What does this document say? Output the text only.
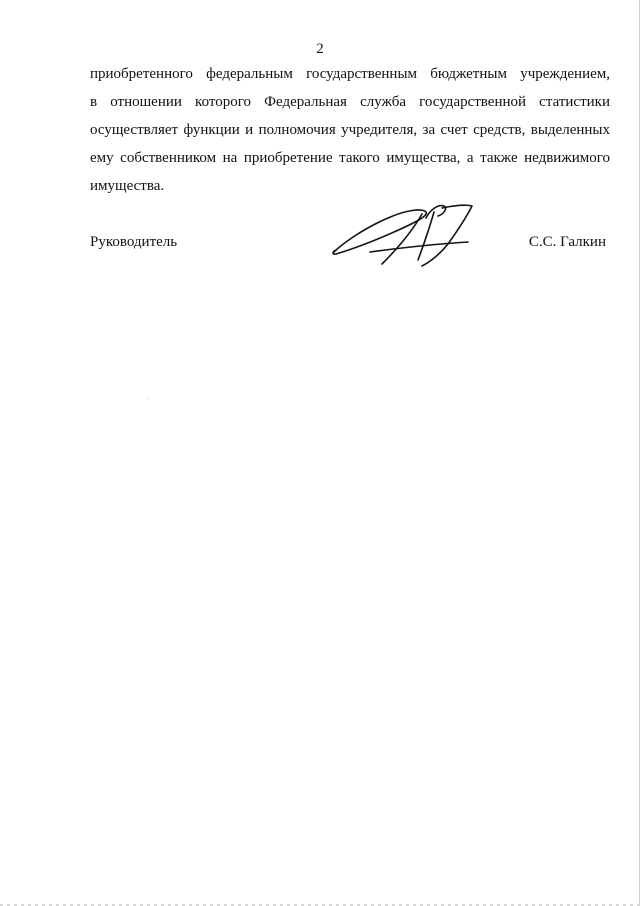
2

приобретенного федеральным государственным бюджетным учреждением,
в отношении которого Федеральная служба государственной статистики
осуществляет функции и полномочия учредителя, за счет средств, выделенных
ему собственником на приобретение такого имущества, а также недвижимого
имущества.

Руководитель	С.С. Галкин
